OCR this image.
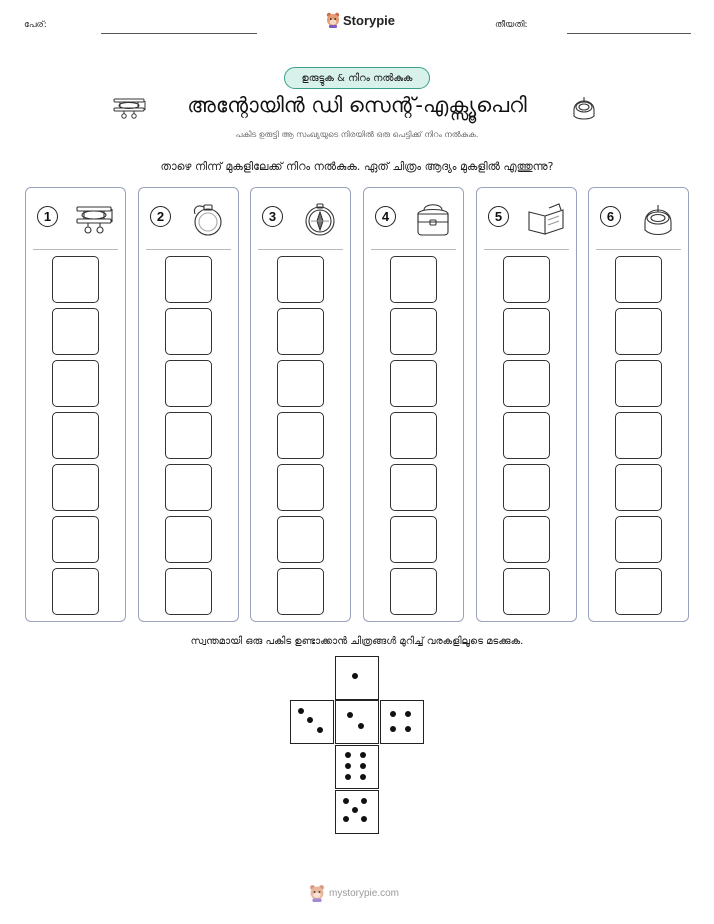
പേര്:	Storypie	തീയതി:
ഉരുട്ടുക & നിറം നൽകുക
അന്റോയിൻ ഡി സെന്റ്-എക്സ്യൂപെറി
പകിട ഉരുട്ടി ആ സംഖ്യയുടെ നിരയിൽ ഒരു പെട്ടിക്ക് നിറം നൽകുക.
താഴെ നിന്ന് മുകളിലേക്ക് നിറം നൽകുക. ഏത് ചിത്രം ആദ്യം മുകളിൽ എത്തുന്നു?
1	2	3	4	5	6
സ്വന്തമായി ഒരു പകിട ഉണ്ടാക്കാൻ ചിത്രങ്ങൾ മുറിച്ച് വരകളിലൂടെ മടക്കുക.
mystorypie.com
